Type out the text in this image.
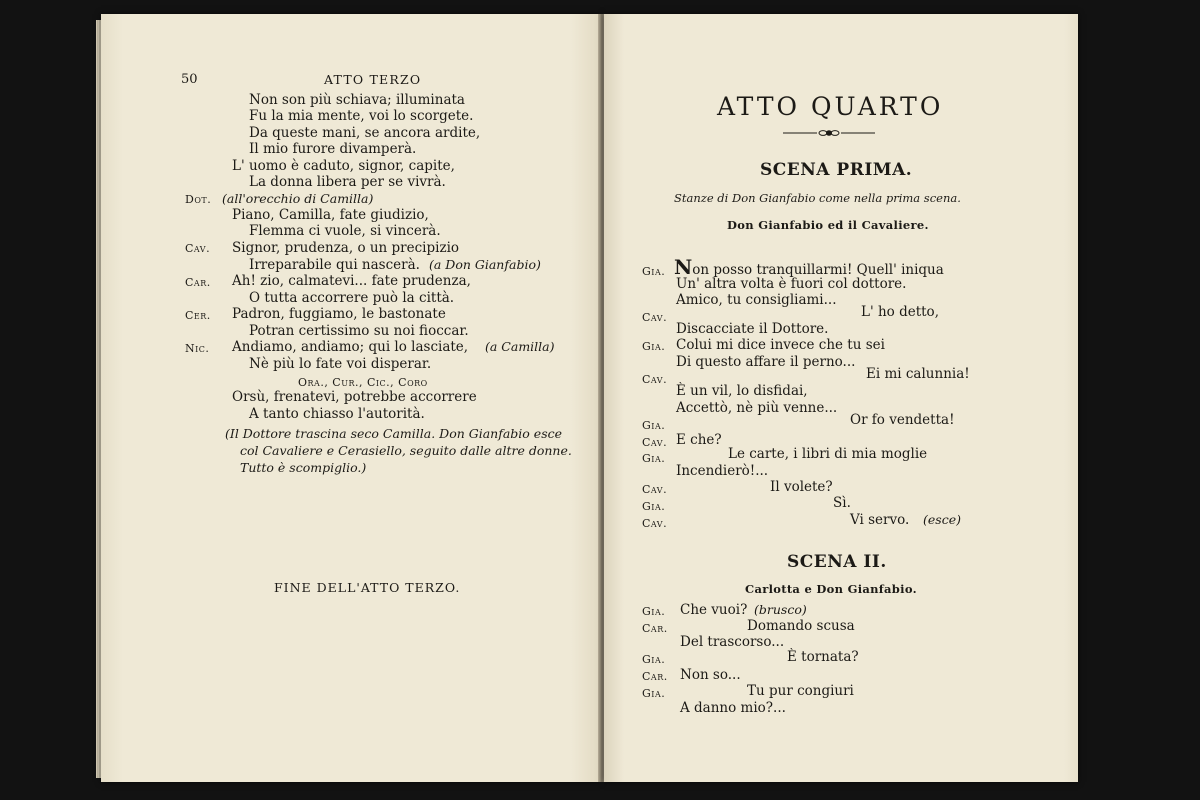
50	ATTO TERZO
Non son più schiava; illuminata
Fu la mia mente, voi lo scorgete.
Da queste mani, se ancora ardite,
Il mio furore divamperà.
L' uomo è caduto, signor, capite,
La donna libera per se vivrà.
Dot. (all'orecchio di Camilla)
Piano, Camilla, fate giudizio,
Flemma ci vuole, si vincerà.
Cav. Signor, prudenza, o un precipizio
Irreparabile qui nascerà. (a Don Gianfabio)
Car. Ah! zio, calmatevi... fate prudenza,
O tutta accorrere può la città.
Cer. Padron, fuggiamo, le bastonate
Potran certissimo su noi fioccar.
Nic. Andiamo, andiamo; qui lo lasciate, (a Camilla)
Nè più lo fate voi disperar.
Ora., Cur., Cic., Coro
Orsù, frenatevi, potrebbe accorrere
A tanto chiasso l'autorità.
(Il Dottore trascina seco Camilla. Don Gianfabio esce
col Cavaliere e Cerasiello, seguito dalle altre donne.
Tutto è scompiglio.)
FINE DELL'ATTO TERZO.
ATTO QUARTO
SCENA PRIMA.
Stanze di Don Gianfabio come nella prima scena.
Don Gianfabio ed il Cavaliere.
Gia. Non posso tranquillarmi! Quell' iniqua
Un' altra volta è fuori col dottore.
Amico, tu consigliami...
Cav.	L' ho detto,
Discacciate il Dottore.
Gia. Colui mi dice invece che tu sei
Di questo affare il perno...
Cav.	Ei mi calunnia!
È un vil, lo disfidai,
Accettò, nè più venne...
Gia.	Or fo vendetta!
Cav. E che?
Gia.	Le carte, i libri di mia moglie
Incendierò!...
Cav.	Il volete?
Gia.	Sì.
Cav.	Vi servo. (esce)
SCENA II.
Carlotta e Don Gianfabio.
Gia. Che vuoi? (brusco)
Car.	Domando scusa
Del trascorso...
Gia.	È tornata?
Car. Non so...
Gia.	Tu pur congiuri
A danno mio?...
